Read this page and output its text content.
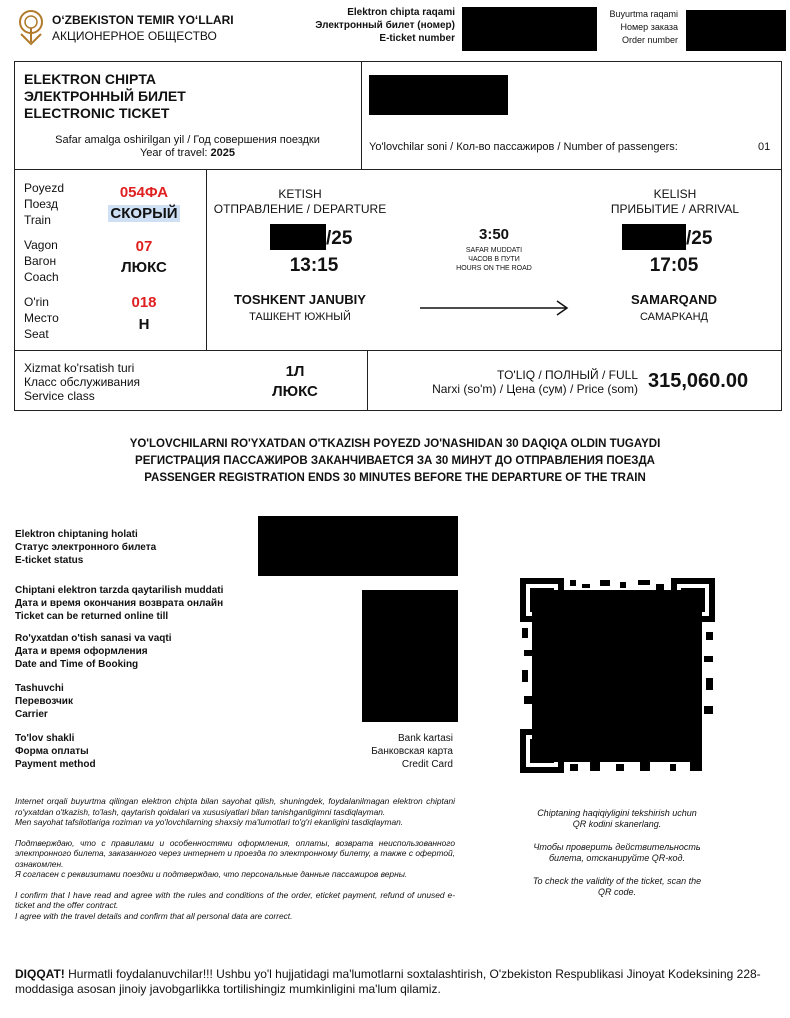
O‘ZBEKISTON TEMIR YO‘LLARI
АКЦИОНЕРНОЕ ОБЩЕСТВО
Elektron chipta raqami
Электронный билет (номер)
E-ticket number
Buyurtma raqami
Номер заказа
Order number
ELEKTRON CHIPTA
ЭЛЕКТРОННЫЙ БИЛЕТ
ELECTRONIC TICKET
Safar amalga oshirilgan yil / Год совершения поездки
Year of travel: 2025	Yo'lovchilar soni / Кол-во пассажиров / Number of passengers:	01
Poyezd
Поезд
Train
Vagon
Вагон
Coach
O'rin
Место
Seat
054ФА
СКОРЫЙ
07
ЛЮКС
018
Н
KETISH
ОТПРАВЛЕНИЕ / DEPARTURE
/25
13:15
TOSHKENT JANUBIY
ТАШКЕНТ ЮЖНЫЙ
3:50
SAFAR MUDDATI
ЧАСОВ В ПУТИ
HOURS ON THE ROAD
KELISH
ПРИБЫТИЕ / ARRIVAL
/25
17:05
SAMARQAND
САМАРКАНД
Xizmat ko'rsatish turi
Класс обслуживания
Service class
1Л
ЛЮКС
TO'LIQ / ПОЛНЫЙ / FULL
Narxi (so'm) / Цена (сум) / Price (som) 315,060.00
YO'LOVCHILARNI RO'YXATDAN O'TKAZISH POYEZD JO'NASHIDAN 30 DAQIQA OLDIN TUGAYDI
РЕГИСТРАЦИЯ ПАССАЖИРОВ ЗАКАНЧИВАЕТСЯ ЗА 30 МИНУТ ДО ОТПРАВЛЕНИЯ ПОЕЗДА
PASSENGER REGISTRATION ENDS 30 MINUTES BEFORE THE DEPARTURE OF THE TRAIN
Elektron chiptaning holati
Статус электронного билета
E-ticket status
Chiptani elektron tarzda qaytarilish muddati
Дата и время окончания возврата онлайн
Ticket can be returned online till
Ro'yxatdan o'tish sanasi va vaqti
Дата и время оформления
Date and Time of Booking
Tashuvchi
Перевозчик
Carrier
To'lov shakli
Форма оплаты
Payment method
Bank kartasi
Банковская карта
Credit Card
Chiptaning haqiqiyligini tekshirish uchun QR kodini skanerlang.
Чтобы проверить действительность билета, отсканируйте QR-код.
To check the validity of the ticket, scan the QR code.
Internet orqali buyurtma qilingan elektron chipta bilan sayohat qilish, shuningdek, foydalanilmagan elektron chiptani ro'yxatdan o'tkazish, to'lash, qaytarish qoidalari va xususiyatlari bilan tanishganligimni tasdiqlayman.
Men sayohat tafsilotlariga roziman va yo'lovchilarning shaxsiy ma'lumotlari to'g'ri ekanligini tasdiqlayman.
Подтверждаю, что с правилами и особенностями оформления, оплаты, возврата неиспользованного электронного билета, заказанного через интернет и проезда по электронному билету, а также с офертой, ознакомлен.
Я согласен с реквизитами поездки и подтверждаю, что персональные данные пассажиров верны.
I confirm that I have read and agree with the rules and conditions of the order, eticket payment, refund of unused e-ticket and the offer contract.
I agree with the travel details and confirm that all personal data are correct.
DIQQAT! Hurmatli foydalanuvchilar!!! Ushbu yo'l hujjatidagi ma'lumotlarni soxtalashtirish, O'zbekiston Respublikasi Jinoyat Kodeksining 228-moddasiga asosan jinoiy javobgarlikka tortilishingiz mumkinligini ma'lum qilamiz.
